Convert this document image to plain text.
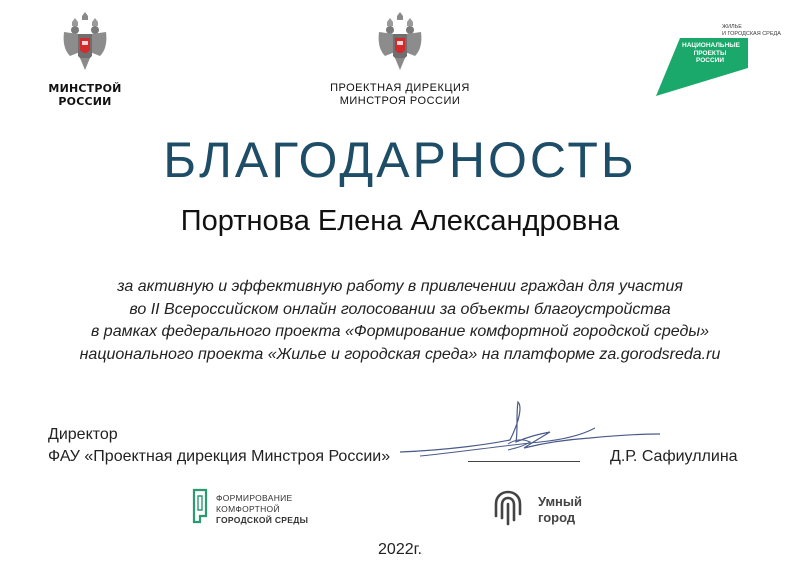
МИНСТРОЙ
РОССИИ
ПРОЕКТНАЯ ДИРЕКЦИЯ
МИНСТРОЯ РОССИИ
ЖИЛЬЕ
И ГОРОДСКАЯ СРЕДА
НАЦИОНАЛЬНЫЕ
ПРОЕКТЫ
РОССИИ
БЛАГОДАРНОСТЬ
Портнова Елена Александровна
за активную и эффективную работу в привлечении граждан для участия
во II Всероссийском онлайн голосовании за объекты благоустройства
в рамках федерального проекта «Формирование комфортной городской среды»
национального проекта «Жилье и городская среда» на платформе za.gorodsreda.ru
Директор
ФАУ «Проектная дирекция Минстроя России»	Д.Р. Сафиуллина
ФОРМИРОВАНИЕ
КОМФОРТНОЙ
ГОРОДСКОЙ СРЕДЫ
Умный
город
2022г.
